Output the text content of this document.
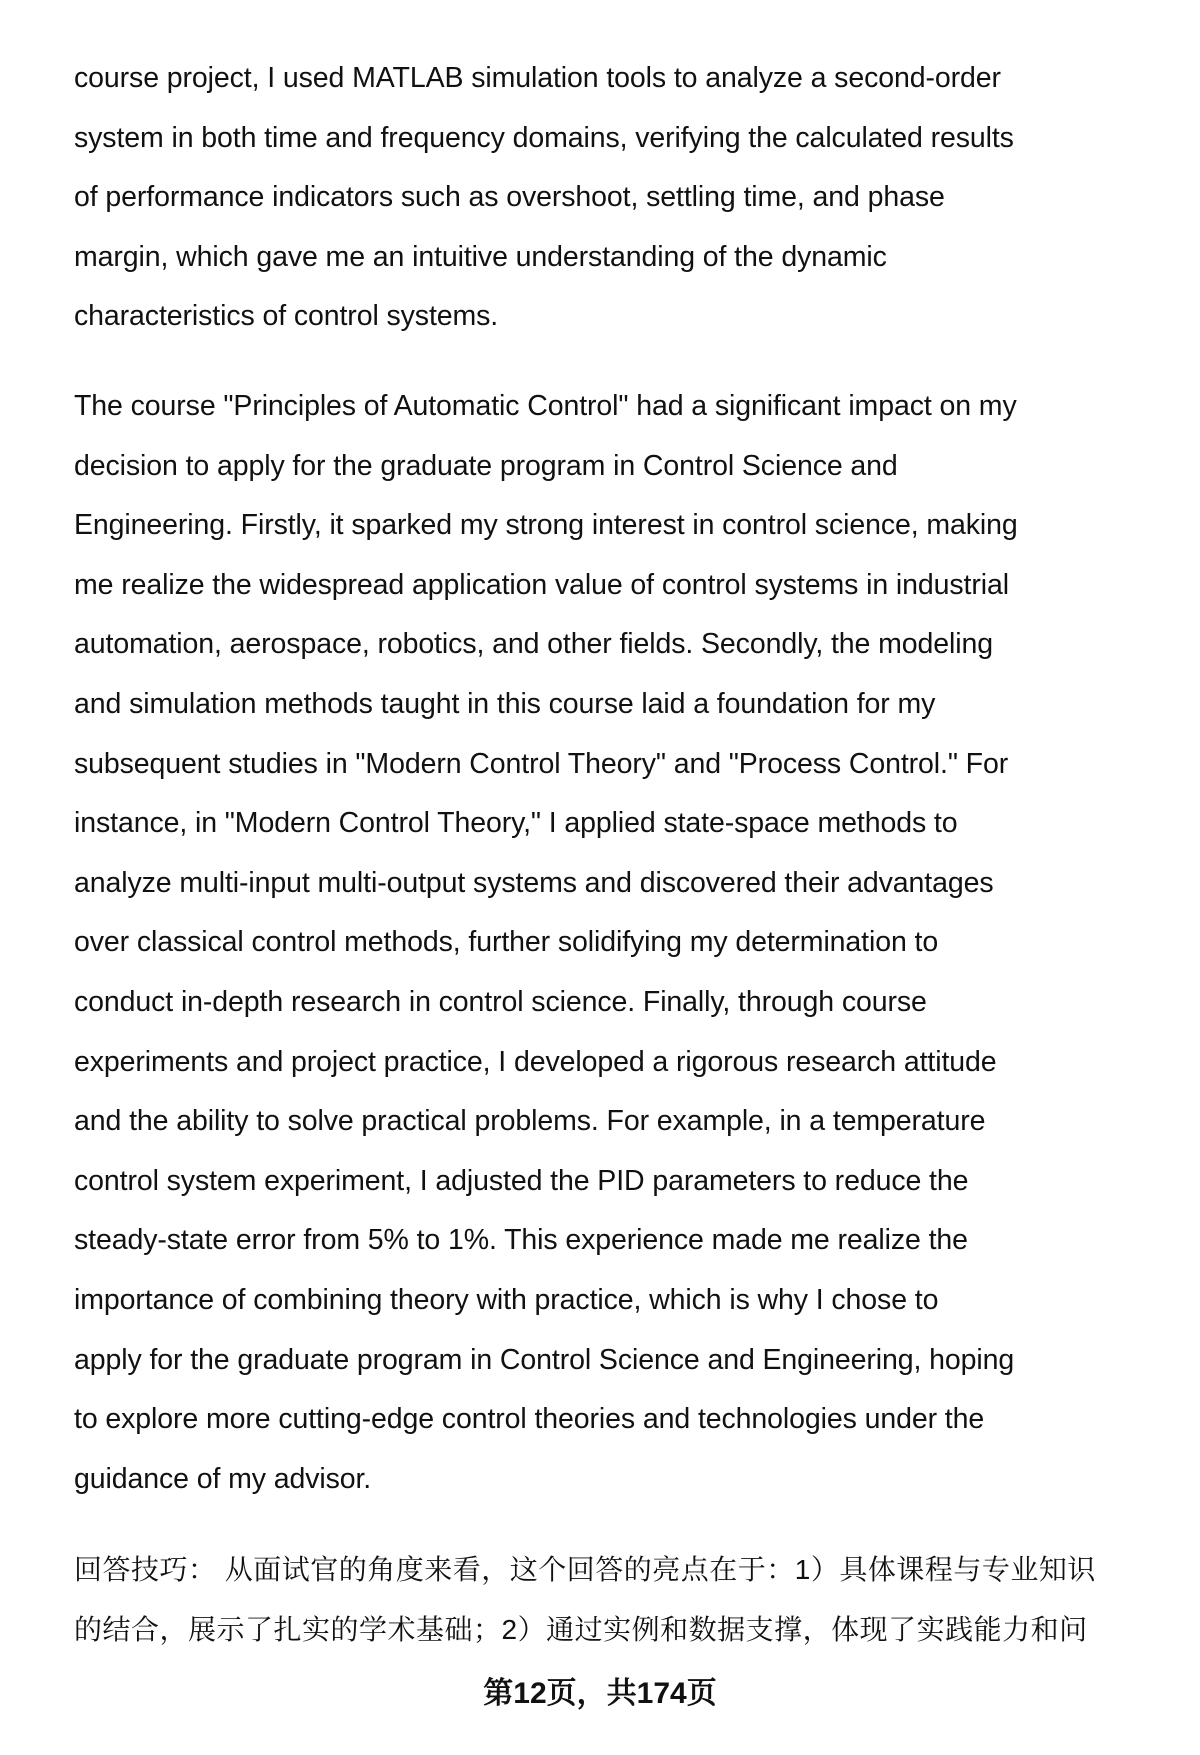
course project, I used MATLAB simulation tools to analyze a second-order
system in both time and frequency domains, verifying the calculated results
of performance indicators such as overshoot, settling time, and phase
margin, which gave me an intuitive understanding of the dynamic
characteristics of control systems.
The course "Principles of Automatic Control" had a significant impact on my
decision to apply for the graduate program in Control Science and
Engineering. Firstly, it sparked my strong interest in control science, making
me realize the widespread application value of control systems in industrial
automation, aerospace, robotics, and other fields. Secondly, the modeling
and simulation methods taught in this course laid a foundation for my
subsequent studies in "Modern Control Theory" and "Process Control." For
instance, in "Modern Control Theory," I applied state-space methods to
analyze multi-input multi-output systems and discovered their advantages
over classical control methods, further solidifying my determination to
conduct in-depth research in control science. Finally, through course
experiments and project practice, I developed a rigorous research attitude
and the ability to solve practical problems. For example, in a temperature
control system experiment, I adjusted the PID parameters to reduce the
steady-state error from 5% to 1%. This experience made me realize the
importance of combining theory with practice, which is why I chose to
apply for the graduate program in Control Science and Engineering, hoping
to explore more cutting-edge control theories and technologies under the
guidance of my advisor.
回答技巧： 从面试官的角度来看，这个回答的亮点在于：1）具体课程与专业知识
的结合，展示了扎实的学术基础；2）通过实例和数据支撑，体现了实践能力和问
第12页，共174页
